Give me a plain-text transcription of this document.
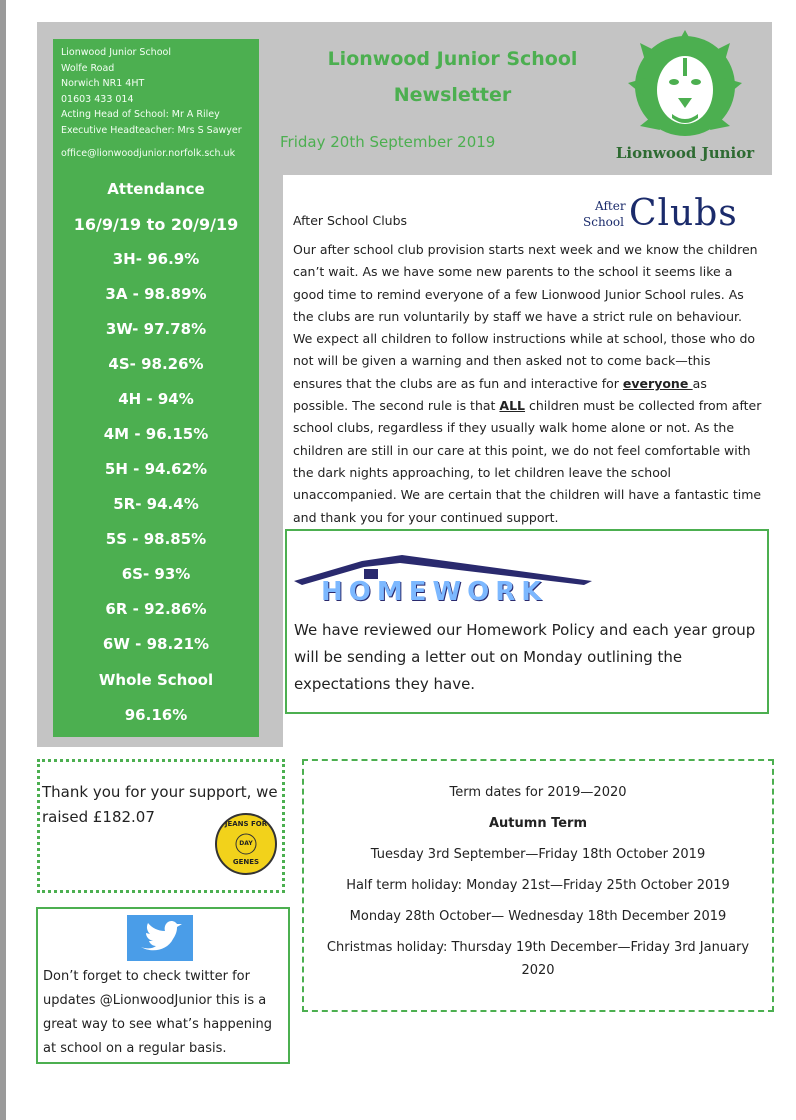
Lionwood Junior School
Wolfe Road
Norwich NR1 4HT
01603 433 014
Acting Head of School: Mr A Riley
Executive Headteacher: Mrs S Sawyer
office@lionwoodjunior.norfolk.sch.uk
Attendance
16/9/19 to 20/9/19
3H- 96.9%
3A - 98.89%
3W- 97.78%
4S- 98.26%
4H - 94%
4M - 96.15%
5H - 94.62%
5R- 94.4%
5S - 98.85%
6S- 93%
6R - 92.86%
6W - 98.21%
Whole School
96.16%
Lionwood Junior School
Newsletter
Friday 20th September 2019
Lionwood Junior
After School Clubs
After
School Clubs
Our after school club provision starts next week and we know the children can’t wait. As we have some new parents to the school it seems like a good time to remind everyone of a few Lionwood Junior School rules. As the clubs are run voluntarily by staff we have a strict rule on behaviour. We expect all children to follow instructions while at school, those who do not will be given a warning and then asked not to come back—this ensures that the clubs are as fun and interactive for everyone as possible. The second rule is that ALL children must be collected from after school clubs, regardless if they usually walk home alone or not. As the children are still in our care at this point, we do not feel comfortable with the dark nights approaching, to let children leave the school unaccompanied. We are certain that the children will have a fantastic time and thank you for your continued support.
HOMEWORK
We have reviewed our Homework Policy and each year group will be sending a letter out on Monday outlining the expectations they have.
Thank you for your support, we raised £182.07	JEANS FOR
DAY
GENES
Don’t forget to check twitter for updates @LionwoodJunior this is a great way to see what’s happening at school on a regular basis.
Term dates for 2019—2020
Autumn Term
Tuesday 3rd September—Friday 18th October 2019
Half term holiday: Monday 21st—Friday 25th October 2019
Monday 28th October— Wednesday 18th December 2019
Christmas holiday: Thursday 19th December—Friday 3rd January
2020
